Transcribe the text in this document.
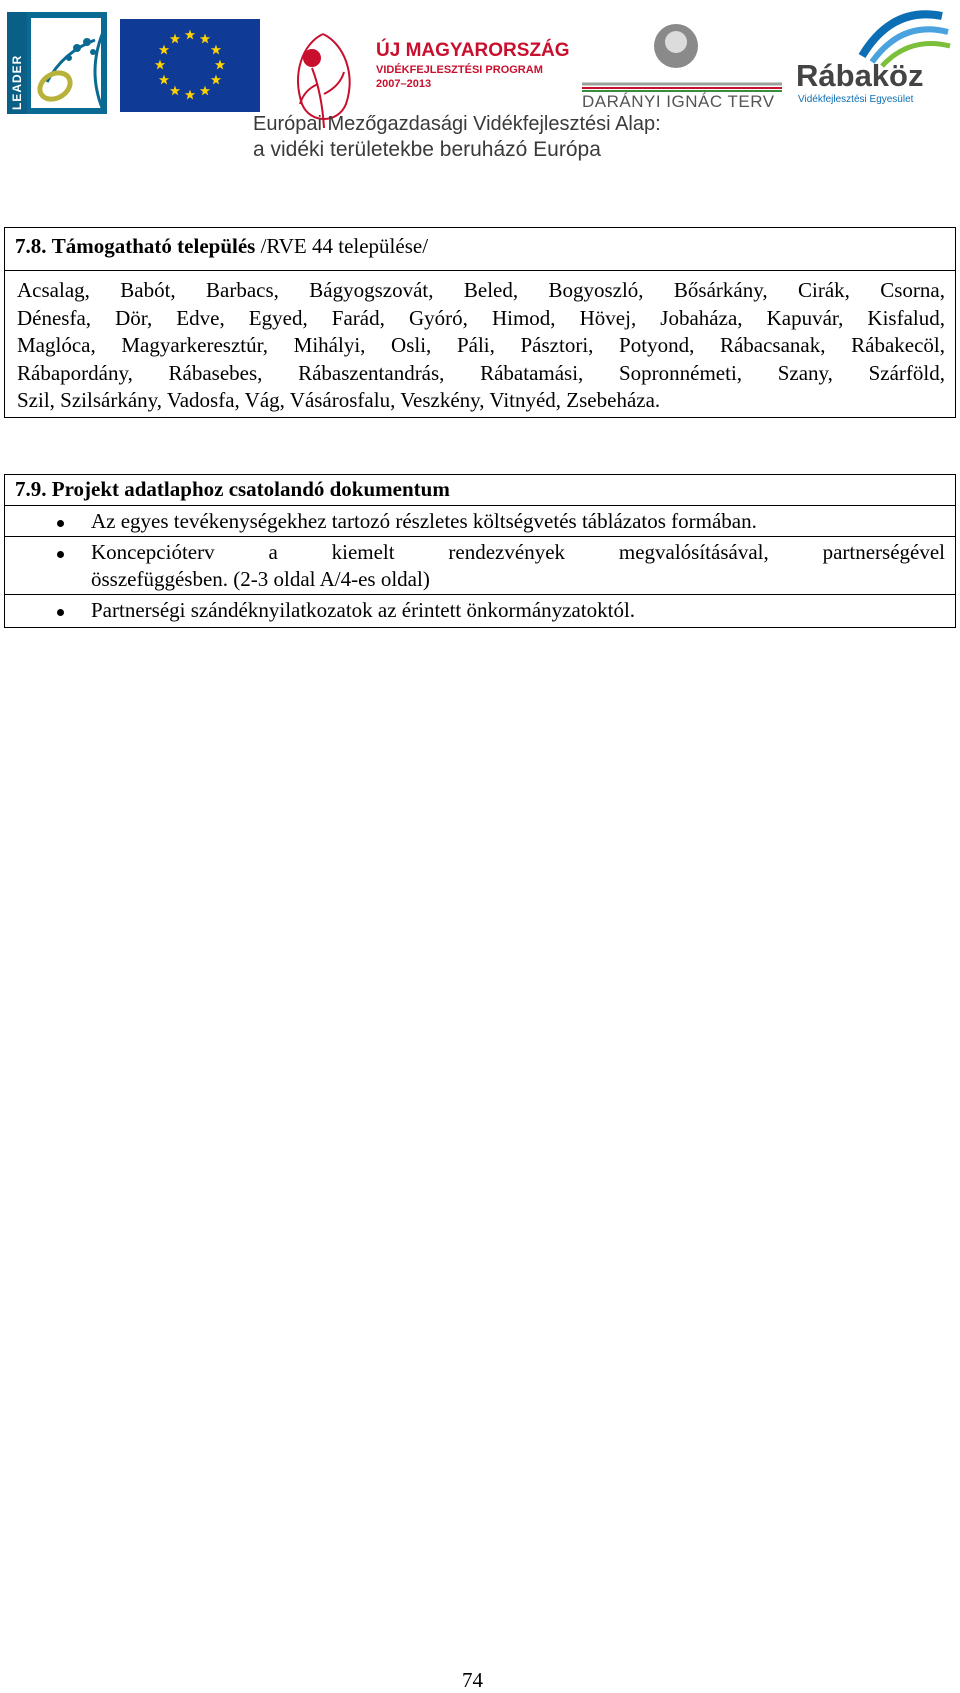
LEADER
ÚJ MAGYARORSZÁG
VIDÉKFEJLESZTÉSI PROGRAM
2007–2013
DARÁNYI IGNÁC TERV
Rábaköz
Vidékfejlesztési Egyesület
Európai Mezőgazdasági Vidékfejlesztési Alap:
a vidéki területekbe beruházó Európa
7.8. Támogatható település /RVE 44 települése/
Acsalag, Babót, Barbacs, Bágyogszovát, Beled, Bogyoszló, Bősárkány, Cirák, Csorna,
Dénesfa, Dör, Edve, Egyed, Farád, Gyóró, Himod, Hövej, Jobaháza, Kapuvár, Kisfalud,
Maglóca, Magyarkeresztúr, Mihályi, Osli, Páli, Pásztori, Potyond, Rábacsanak, Rábakecöl,
Rábapordány, Rábasebes, Rábaszentandrás, Rábatamási, Sopronnémeti, Szany, Szárföld,
Szil, Szilsárkány, Vadosfa, Vág, Vásárosfalu, Veszkény, Vitnyéd, Zsebeháza.
7.9. Projekt adatlaphoz csatolandó dokumentum
Az egyes tevékenységekhez tartozó részletes költségvetés táblázatos formában.
Koncepcióterv a kiemelt rendezvények megvalósításával, partnerségével
összefüggésben. (2-3 oldal A/4-es oldal)
Partnerségi szándéknyilatkozatok az érintett önkormányzatoktól.
74
